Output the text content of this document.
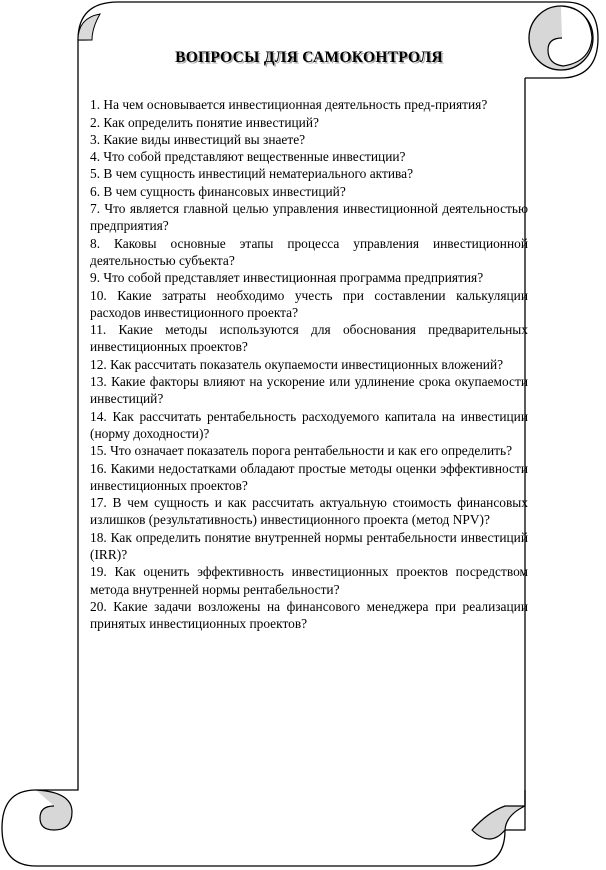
ВОПРОСЫ ДЛЯ САМОКОНТРОЛЯ
1. На чем основывается инвестиционная деятельность пред-приятия?
2. Как определить понятие инвестиций?
3. Какие виды инвестиций вы знаете?
4. Что собой представляют вещественные инвестиции?
5. В чем сущность инвестиций нематериального актива?
6. В чем сущность финансовых инвестиций?
7. Что является главной целью управления инвестиционной деятельностью предприятия?
8. Каковы основные этапы процесса управления инвестиционной деятельностью субъекта?
9. Что собой представляет инвестиционная программа предприятия?
10. Какие затраты необходимо учесть при составлении калькуляции расходов инвестиционного проекта?
11. Какие методы используются для обоснования предварительных инвестиционных проектов?
12. Как рассчитать показатель окупаемости инвестиционных вложений?
13. Какие факторы влияют на ускорение или удлинение срока окупаемости инвестиций?
14. Как рассчитать рентабельность расходуемого капитала на инвестиции (норму доходности)?
15. Что означает показатель порога рентабельности и как его определить?
16. Какими недостатками обладают простые методы оценки эффективности инвестиционных проектов?
17. В чем сущность и как рассчитать актуальную стоимость финансовых излишков (результативность) инвестиционного проекта (метод NPV)?
18. Как определить понятие внутренней нормы рентабельности инвестиций (IRR)?
19. Как оценить эффективность инвестиционных проектов посредством метода внутренней нормы рентабельности?
20. Какие задачи возложены на финансового менеджера при реализации принятых инвестиционных проектов?
